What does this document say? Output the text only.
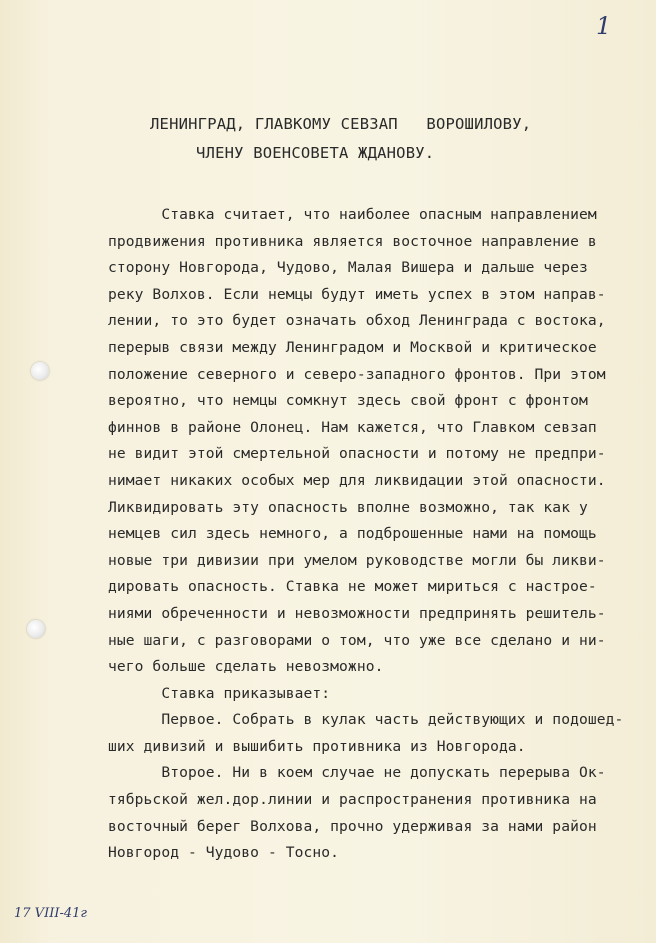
1
ЛЕНИНГРАД, ГЛАВКОМУ СЕВЗАП   ВОРОШИЛОВУ,
ЧЛЕНУ ВОЕНСОВЕТА ЖДАНОВУ.
Ставка считает, что наиболее опасным направлением
продвижения противника является восточное направление в
сторону Новгорода, Чудово, Малая Вишера и дальше через
реку Волхов. Если немцы будут иметь успех в этом направ-
лении, то это будет означать обход Ленинграда с востока,
перерыв связи между Ленинградом и Москвой и критическое
положение северного и северо-западного фронтов. При этом
вероятно, что немцы сомкнут здесь свой фронт с фронтом
финнов в районе Олонец. Нам кажется, что Главком севзап
не видит этой смертельной опасности и потому не предпри-
нимает никаких особых мер для ликвидации этой опасности.
Ликвидировать эту опасность вполне возможно, так как у
немцев сил здесь немного, а подброшенные нами на помощь
новые три дивизии при умелом руководстве могли бы ликви-
дировать опасность. Ставка не может мириться с настрое-
ниями обреченности и невозможности предпринять решитель-
ные шаги, с разговорами о том, что уже все сделано и ни-
чего больше сделать невозможно.
Ставка приказывает:
Первое. Собрать в кулак часть действующих и подошед-
ших дивизий и вышибить противника из Новгорода.
Второе. Ни в коем случае не допускать перерыва Ок-
тябрьской жел.дор.линии и распространения противника на
восточный берег Волхова, прочно удерживая за нами район
Новгород - Чудово - Тосно.
17 VIII-41г
